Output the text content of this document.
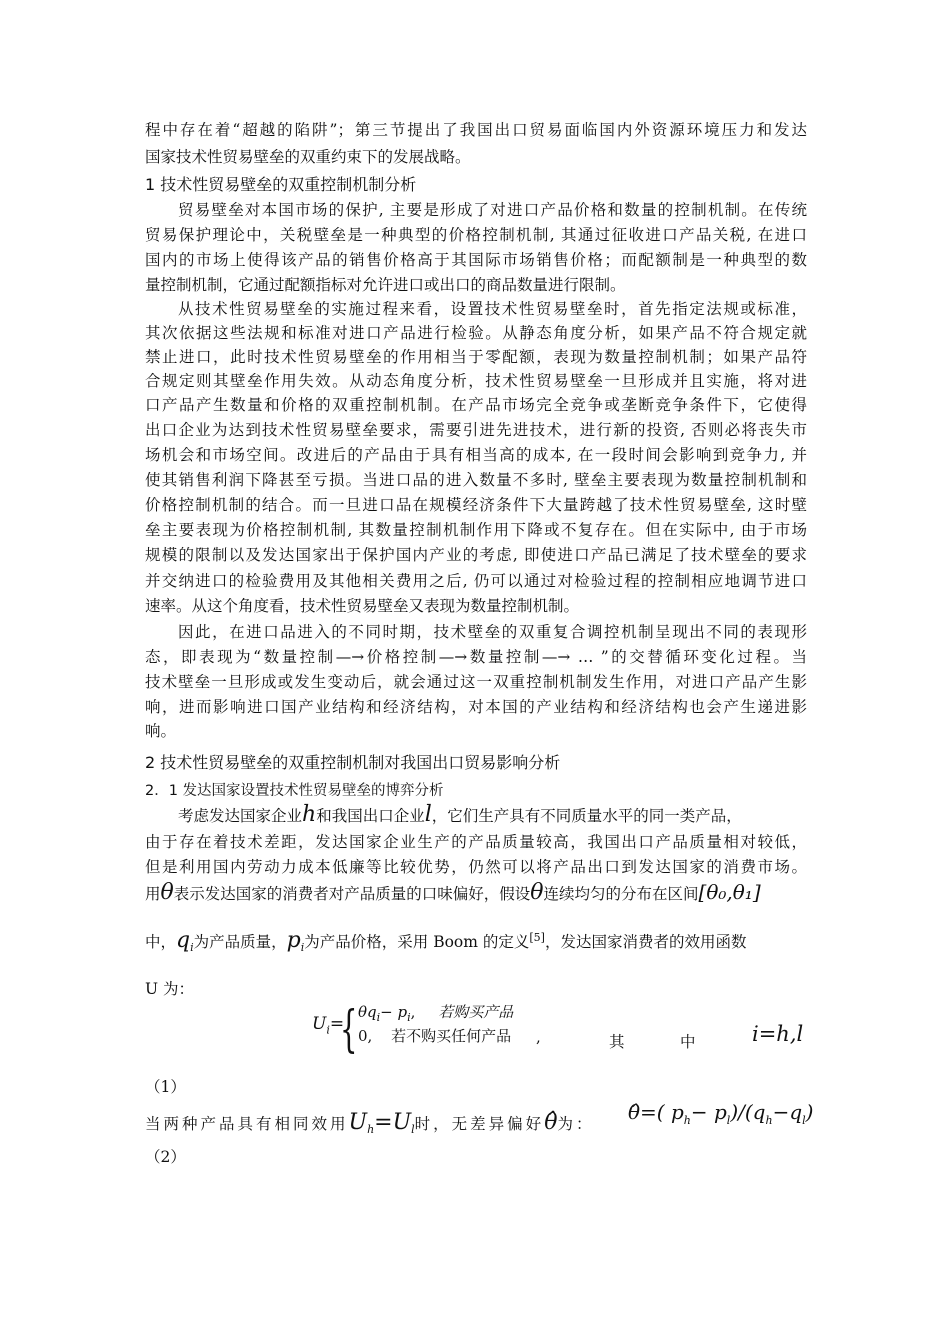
程中存在着“超越的陷阱”；第三节提出了我国出口贸易面临国内外资源环境压力和发达
国家技术性贸易壁垒的双重约束下的发展战略。
1 技术性贸易壁垒的双重控制机制分析
贸易壁垒对本国市场的保护, 主要是形成了对进口产品价格和数量的控制机制。在传统
贸易保护理论中，关税壁垒是一种典型的价格控制机制, 其通过征收进口产品关税, 在进口
国内的市场上使得该产品的销售价格高于其国际市场销售价格；而配额制是一种典型的数
量控制机制，它通过配额指标对允许进口或出口的商品数量进行限制。
从技术性贸易壁垒的实施过程来看，设置技术性贸易壁垒时，首先指定法规或标准，
其次依据这些法规和标准对进口产品进行检验。从静态角度分析，如果产品不符合规定就
禁止进口，此时技术性贸易壁垒的作用相当于零配额，表现为数量控制机制；如果产品符
合规定则其壁垒作用失效。从动态角度分析，技术性贸易壁垒一旦形成并且实施，将对进
口产品产生数量和价格的双重控制机制。在产品市场完全竞争或垄断竞争条件下，它使得
出口企业为达到技术性贸易壁垒要求，需要引进先进技术，进行新的投资, 否则必将丧失市
场机会和市场空间。改进后的产品由于具有相当高的成本, 在一段时间会影响到竞争力, 并
使其销售利润下降甚至亏损。当进口品的进入数量不多时, 壁垒主要表现为数量控制机制和
价格控制机制的结合。而一旦进口品在规模经济条件下大量跨越了技术性贸易壁垒, 这时壁
垒主要表现为价格控制机制, 其数量控制机制作用下降或不复存在。但在实际中, 由于市场
规模的限制以及发达国家出于保护国内产业的考虑, 即使进口产品已满足了技术壁垒的要求
并交纳进口的检验费用及其他相关费用之后, 仍可以通过对检验过程的控制相应地调节进口
速率。从这个角度看，技术性贸易壁垒又表现为数量控制机制。
因此，在进口品进入的不同时期，技术壁垒的双重复合调控机制呈现出不同的表现形
态，即表现为“数量控制—→价格控制—→数量控制—→ … ”的交替循环变化过程。当
技术壁垒一旦形成或发生变动后，就会通过这一双重控制机制发生作用，对进口产品产生影
响，进而影响进口国产业结构和经济结构，对本国的产业结构和经济结构也会产生递进影
响。
2 技术性贸易壁垒的双重控制机制对我国出口贸易影响分析
2．1 发达国家设置技术性贸易壁垒的博弈分析
考虑发达国家企业h和我国出口企业l，它们生产具有不同质量水平的同一类产品，
由于存在着技术差距，发达国家企业生产的产品质量较高，我国出口产品质量相对较低，
但是利用国内劳动力成本低廉等比较优势，仍然可以将产品出口到发达国家的消费市场。
用θ表示发达国家的消费者对产品质量的口味偏好，假设θ连续均匀的分布在区间[θ₀,θ₁]
中，$q_i$为产品质量，$p_i$为产品价格，采用 Boom 的定义[5]，发达国家消费者的效用函数
U 为：
$U_i=$
{ $\theta q_i- p_i$, 若购买产品
0, 若不购买任何产品 ,	其	中	i=h,l
（1）
当两种产品具有相同效用$U_h=U_l$时，无差异偏好θ̂为： θ̂=( $p_h- p_l)/(q_h-q_l)$
（2）
